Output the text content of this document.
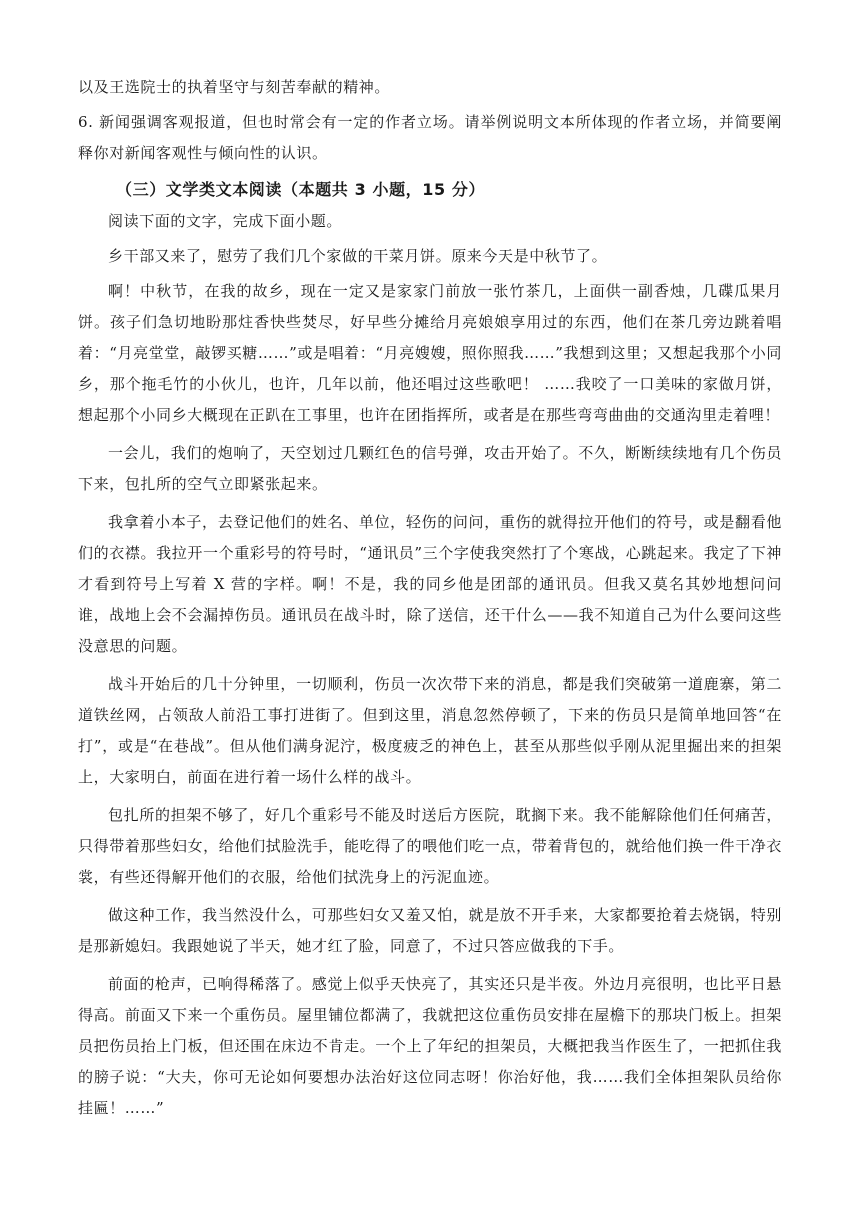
以及王选院士的执着坚守与刻苦奉献的精神。

6. 新闻强调客观报道，但也时常会有一定的作者立场。请举例说明文本所体现的作者立场，并简要阐释你对新闻客观性与倾向性的认识。

（三）文学类文本阅读（本题共 3 小题，15 分）

阅读下面的文字，完成下面小题。

乡干部又来了，慰劳了我们几个家做的干菜月饼。原来今天是中秋节了。

啊！中秋节，在我的故乡，现在一定又是家家门前放一张竹茶几，上面供一副香烛，几碟瓜果月饼。孩子们急切地盼那炷香快些焚尽，好早些分摊给月亮娘娘享用过的东西，他们在茶几旁边跳着唱着：“月亮堂堂，敲锣买糖……”或是唱着：“月亮嫂嫂，照你照我……”我想到这里；又想起我那个小同乡，那个拖毛竹的小伙儿，也许，几年以前，他还唱过这些歌吧！ ……我咬了一口美味的家做月饼，想起那个小同乡大概现在正趴在工事里，也许在团指挥所，或者是在那些弯弯曲曲的交通沟里走着哩！

一会儿，我们的炮响了，天空划过几颗红色的信号弹，攻击开始了。不久，断断续续地有几个伤员下来，包扎所的空气立即紧张起来。

我拿着小本子，去登记他们的姓名、单位，轻伤的问问，重伤的就得拉开他们的符号，或是翻看他们的衣襟。我拉开一个重彩号的符号时，“通讯员”三个字使我突然打了个寒战，心跳起来。我定了下神才看到符号上写着 X 营的字样。啊！不是，我的同乡他是团部的通讯员。但我又莫名其妙地想问问谁，战地上会不会漏掉伤员。通讯员在战斗时，除了送信，还干什么——我不知道自己为什么要问这些没意思的问题。

战斗开始后的几十分钟里，一切顺利，伤员一次次带下来的消息，都是我们突破第一道鹿寨，第二道铁丝网，占领敌人前沿工事打进街了。但到这里，消息忽然停顿了，下来的伤员只是简单地回答“在打”，或是“在巷战”。但从他们满身泥泞，极度疲乏的神色上，甚至从那些似乎刚从泥里掘出来的担架上，大家明白，前面在进行着一场什么样的战斗。

包扎所的担架不够了，好几个重彩号不能及时送后方医院，耽搁下来。我不能解除他们任何痛苦，只得带着那些妇女，给他们拭脸洗手，能吃得了的喂他们吃一点，带着背包的，就给他们换一件干净衣裳，有些还得解开他们的衣服，给他们拭洗身上的污泥血迹。

做这种工作，我当然没什么，可那些妇女又羞又怕，就是放不开手来，大家都要抢着去烧锅，特别是那新媳妇。我跟她说了半天，她才红了脸，同意了，不过只答应做我的下手。

前面的枪声，已响得稀落了。感觉上似乎天快亮了，其实还只是半夜。外边月亮很明，也比平日悬得高。前面又下来一个重伤员。屋里铺位都满了，我就把这位重伤员安排在屋檐下的那块门板上。担架员把伤员抬上门板，但还围在床边不肯走。一个上了年纪的担架员，大概把我当作医生了，一把抓住我的膀子说：“大夫，你可无论如何要想办法治好这位同志呀！你治好他，我……我们全体担架队员给你挂匾！……”
